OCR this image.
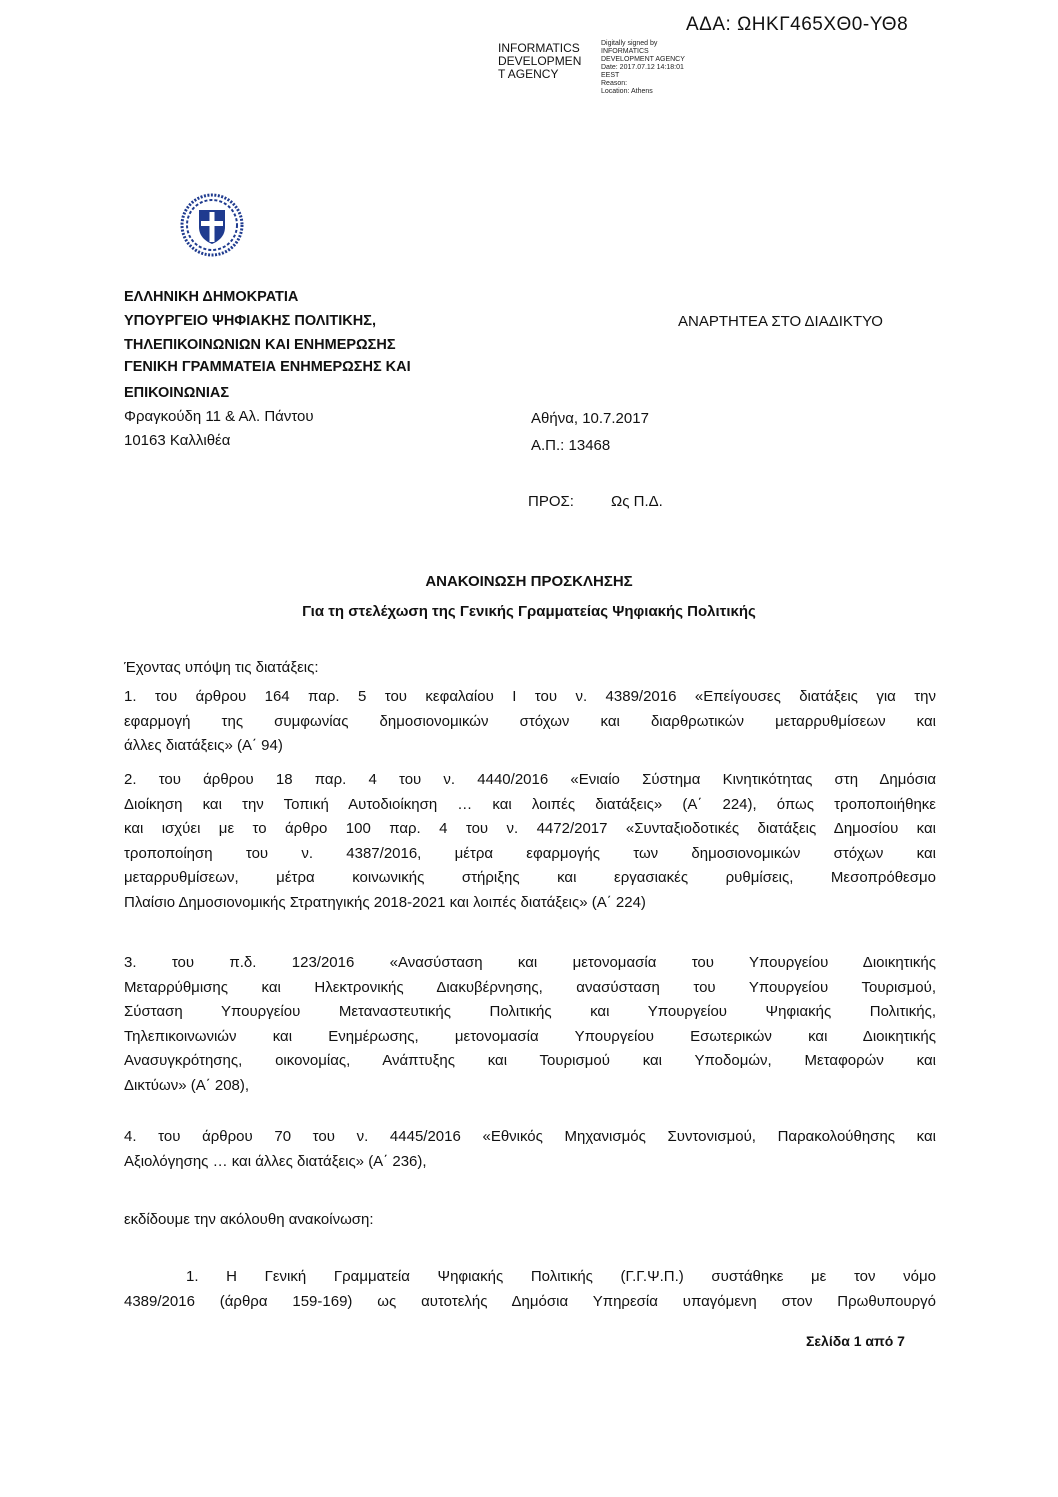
ΑΔΑ: ΩΗΚΓ465ΧΘ0-ΥΘ8
INFORMATICS
DEVELOPMEN
T AGENCY
Digitally signed by
INFORMATICS
DEVELOPMENT AGENCY
Date: 2017.07.12 14:18:01
EEST
Reason:
Location: Athens
ΕΛΛΗΝΙΚΗ ΔΗΜΟΚΡΑΤΙΑ
ΥΠΟΥΡΓΕΙΟ ΨΗΦΙΑΚΗΣ ΠΟΛΙΤΙΚΗΣ,
ΤΗΛΕΠΙΚΟΙΝΩΝΙΩΝ ΚΑΙ ΕΝΗΜΕΡΩΣΗΣ
ΓΕΝΙΚΗ ΓΡΑΜΜΑΤΕΙΑ ΕΝΗΜΕΡΩΣΗΣ ΚΑΙ
ΕΠΙΚΟΙΝΩΝΙΑΣ
ΑΝΑΡΤΗΤΕΑ ΣΤΟ ΔΙΑΔΙΚΤΥΟ
Φραγκούδη 11 & Αλ. Πάντου
10163 Καλλιθέα
Αθήνα, 10.7.2017
Α.Π.: 13468
ΠΡΟΣ: Ως Π.Δ.
ΑΝΑΚΟΙΝΩΣΗ ΠΡΟΣΚΛΗΣΗΣ
Για τη στελέχωση της Γενικής Γραμματείας Ψηφιακής Πολιτικής
Έχοντας υπόψη τις διατάξεις:
1. του άρθρου 164 παρ. 5 του κεφαλαίου Ι του ν. 4389/2016 «Επείγουσες διατάξεις για την
εφαρμογή της συμφωνίας δημοσιονομικών στόχων και διαρθρωτικών μεταρρυθμίσεων και
άλλες διατάξεις» (Α΄ 94)
2. του άρθρου 18 παρ. 4 του ν. 4440/2016 «Ενιαίο Σύστημα Κινητικότητας στη Δημόσια
Διοίκηση και την Τοπική Αυτοδιοίκηση … και λοιπές διατάξεις» (Α΄ 224), όπως τροποποιήθηκε
και ισχύει με το άρθρο 100 παρ. 4 του ν. 4472/2017 «Συνταξιοδοτικές διατάξεις Δημοσίου και
τροποποίηση του ν. 4387/2016, μέτρα εφαρμογής των δημοσιονομικών στόχων και
μεταρρυθμίσεων, μέτρα κοινωνικής στήριξης και εργασιακές ρυθμίσεις, Μεσοπρόθεσμο
Πλαίσιο Δημοσιονομικής Στρατηγικής 2018-2021 και λοιπές διατάξεις» (Α΄ 224)
3. του π.δ. 123/2016 «Ανασύσταση και μετονομασία του Υπουργείου Διοικητικής
Μεταρρύθμισης και Ηλεκτρονικής Διακυβέρνησης, ανασύσταση του Υπουργείου Τουρισμού,
Σύσταση Υπουργείου Μεταναστευτικής Πολιτικής και Υπουργείου Ψηφιακής Πολιτικής,
Τηλεπικοινωνιών και Ενημέρωσης, μετονομασία Υπουργείου Εσωτερικών και Διοικητικής
Ανασυγκρότησης, οικονομίας, Ανάπτυξης και Τουρισμού και Υποδομών, Μεταφορών και
Δικτύων» (Α΄ 208),
4. του άρθρου 70 του ν. 4445/2016 «Εθνικός Μηχανισμός Συντονισμού, Παρακολούθησης και
Αξιολόγησης … και άλλες διατάξεις» (Α΄ 236),
εκδίδουμε την ακόλουθη ανακοίνωση:
1. Η Γενική Γραμματεία Ψηφιακής Πολιτικής (Γ.Γ.Ψ.Π.) συστάθηκε με τον νόμο
4389/2016 (άρθρα 159-169) ως αυτοτελής Δημόσια Υπηρεσία υπαγόμενη στον Πρωθυπουργό
Σελίδα 1 από 7
